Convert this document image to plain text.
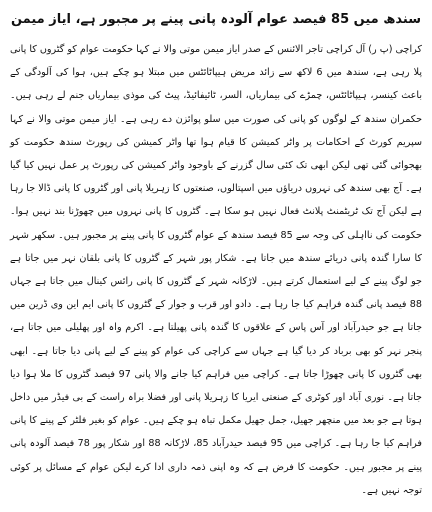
سندھ میں 85 فیصد عوام آلودہ پانی پینے پر مجبور ہے، ایاز میمن

کراچی (پ ر) آل کراچی تاجر الائنس کے صدر ایاز میمن موتی والا نے کہا حکومت عوام کو گٹروں کا پانی پلا رہی ہے، سندھ میں 6 لاکھ سے زائد مریض ہیپاٹائٹس میں مبتلا ہو چکے ہیں، ہوا کی آلودگی کے باعث کینسر، ہیپاٹائٹس، چمڑے کی بیماریاں، السر، ٹائیفائیڈ، پیٹ کی موذی بیماریاں جنم لے رہی ہیں۔ حکمران سندھ کے لوگوں کو پانی کی صورت میں سلو پوائزن دے رہی ہے۔ ایاز میمن موتی والا نے کہا سپریم کورٹ کے احکامات پر واٹر کمیشن کا قیام ہوا تھا واٹر کمیشن کی رپورٹ سندھ حکومت کو بھجوائی گئی تھی لیکن ابھی تک کئی سال گزرنے کے باوجود واٹر کمیشن کی رپورٹ پر عمل نہیں کیا گیا ہے۔ آج بھی سندھ کی نہروں دریاؤں میں اسپتالوں، صنعتوں کا زہریلا پانی اور گٹروں کا پانی ڈالا جا رہا ہے لیکن آج تک ٹریٹمنٹ پلانٹ فعال نہیں ہو سکا ہے۔ گٹروں کا پانی نہروں میں چھوڑنا بند نہیں ہوا۔ حکومت کی نااہلی کی وجہ سے 85 فیصد سندھ کے عوام گٹروں کا پانی پینے پر مجبور ہیں۔ سکھر شہر کا سارا گندہ پانی دریائے سندھ میں جاتا ہے۔ شکار پور شہر کے گٹروں کا پانی بلقان نہر میں جاتا ہے جو لوگ پینے کے لیے استعمال کرتے ہیں۔ لاڑکانہ شہر کے گٹروں کا پانی رائس کینال میں جاتا ہے جہاں 88 فیصد پانی گندہ فراہم کیا جا رہا ہے۔ دادو اور قرب و جوار کے گٹروں کا پانی ایم این وی ڈرین میں جاتا ہے جو حیدرآباد اور آس پاس کے علاقوں کا گندہ پانی پھیلتا ہے۔ اکرم واہ اور پھلیلی میں جاتا ہے، پنجر نہر کو بھی برباد کر دیا گیا ہے جہاں سے کراچی کی عوام کو پینے کے لیے پانی دیا جاتا ہے۔ ابھی بھی گٹروں کا پانی چھوڑا جاتا ہے۔ کراچی میں فراہم کیا جانے والا پانی 97 فیصد گٹروں کا ملا ہوا دیا جاتا ہے۔ نوری آباد اور کوٹری کے صنعتی ایریا کا زہریلا پانی اور فضلا براہ راست کے بی فیڈر میں داخل ہوتا ہے جو بعد میں منچھر جھیل، جمل جھیل مکمل تباہ ہو چکے ہیں۔ عوام کو بغیر فلٹر کے پینے کا پانی فراہم کیا جا رہا ہے۔ کراچی میں 95 فیصد حیدرآباد 85، لاڑکانہ 88 اور شکار پور 78 فیصد آلودہ پانی پینے پر مجبور ہیں۔ حکومت کا فرض ہے کہ وہ اپنی ذمہ داری ادا کرے لیکن عوام کے مسائل پر کوئی توجہ نہیں ہے۔
